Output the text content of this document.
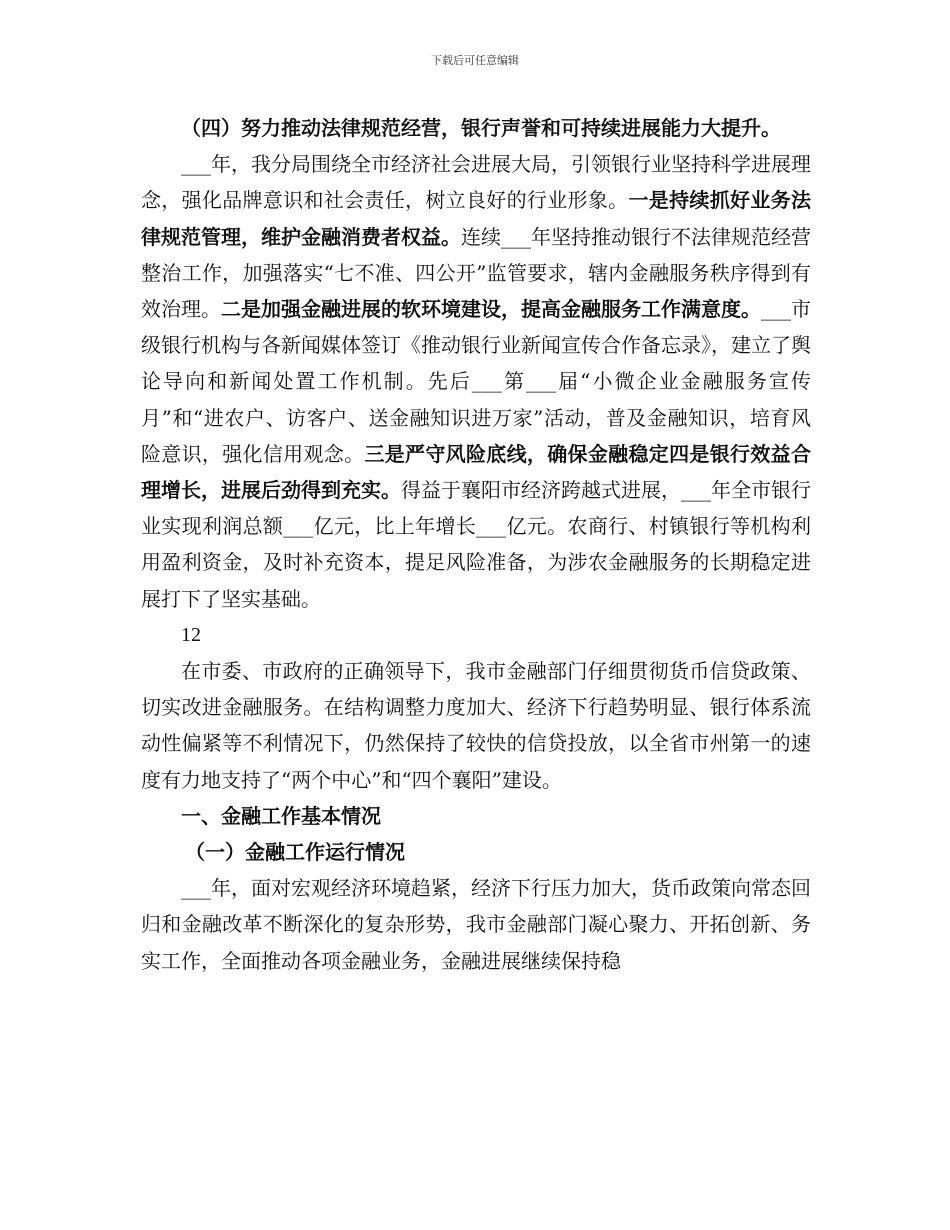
下载后可任意编辑

（四）努力推动法律规范经营，银行声誉和可持续进展能力大提升。

___年，我分局围绕全市经济社会进展大局，引领银行业坚持科学进展理念，强化品牌意识和社会责任，树立良好的行业形象。一是持续抓好业务法律规范管理，维护金融消费者权益。连续___年坚持推动银行不法律规范经营整治工作，加强落实“七不准、四公开”监管要求，辖内金融服务秩序得到有效治理。二是加强金融进展的软环境建设，提高金融服务工作满意度。___市级银行机构与各新闻媒体签订《推动银行业新闻宣传合作备忘录》，建立了舆论导向和新闻处置工作机制。先后___第___届“小微企业金融服务宣传月”和“进农户、访客户、送金融知识进万家”活动，普及金融知识，培育风险意识，强化信用观念。三是严守风险底线，确保金融稳定四是银行效益合理增长，进展后劲得到充实。得益于襄阳市经济跨越式进展，___年全市银行业实现利润总额___亿元，比上年增长___亿元。农商行、村镇银行等机构利用盈利资金，及时补充资本，提足风险准备，为涉农金融服务的长期稳定进展打下了坚实基础。

12

在市委、市政府的正确领导下，我市金融部门仔细贯彻货币信贷政策、切实改进金融服务。在结构调整力度加大、经济下行趋势明显、银行体系流动性偏紧等不利情况下，仍然保持了较快的信贷投放，以全省市州第一的速度有力地支持了“两个中心”和“四个襄阳”建设。

一、金融工作基本情况

（一）金融工作运行情况

___年，面对宏观经济环境趋紧，经济下行压力加大，货币政策向常态回归和金融改革不断深化的复杂形势，我市金融部门凝心聚力、开拓创新、务实工作，全面推动各项金融业务，金融进展继续保持稳
